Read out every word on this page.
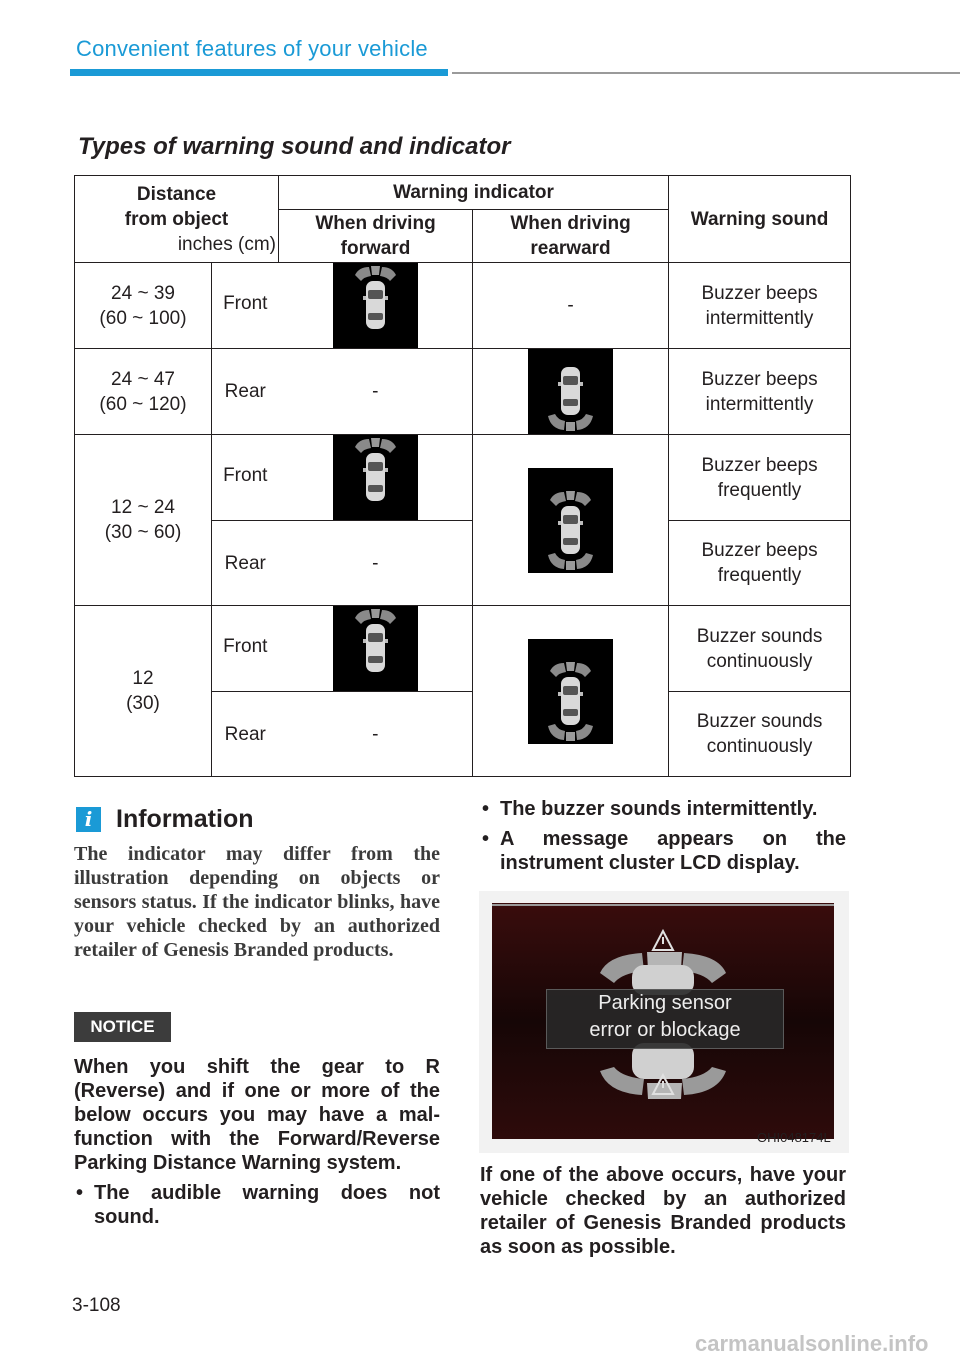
Convenient features of your vehicle
Types of warning sound and indicator
Distance
from object
inches (cm)		Warning indicator		Warning sound
		When driving forward	When driving rearward	
24 ~ 39
(60 ~ 100)	Front		-	Buzzer beeps intermittently
24 ~ 47
(60 ~ 120)	Rear	-		Buzzer beeps intermittently
12 ~ 24
(30 ~ 60)	Front			Buzzer beeps frequently
	Rear	-		Buzzer beeps frequently
12
(30)	Front			Buzzer sounds continuously
	Rear	-		Buzzer sounds continuously
i Information
The indicator may differ from the illustration depending on objects or sensors status. If the indicator blinks, have your vehicle checked by an authorized retailer of Genesis Branded products.
NOTICE

When you shift the gear to R (Reverse) and if one or more of the below occurs you may have a mal-function with the Forward/Reverse Parking Distance Warning system.

• The audible warning does not sound.
• The buzzer sounds intermittently.
• A message appears on the instrument cluster LCD display.
Parking sensor
error or blockage
OHI048174L
If one of the above occurs, have your vehicle checked by an authorized retailer of Genesis Branded products as soon as possible.
3-108
carmanualsonline.info
